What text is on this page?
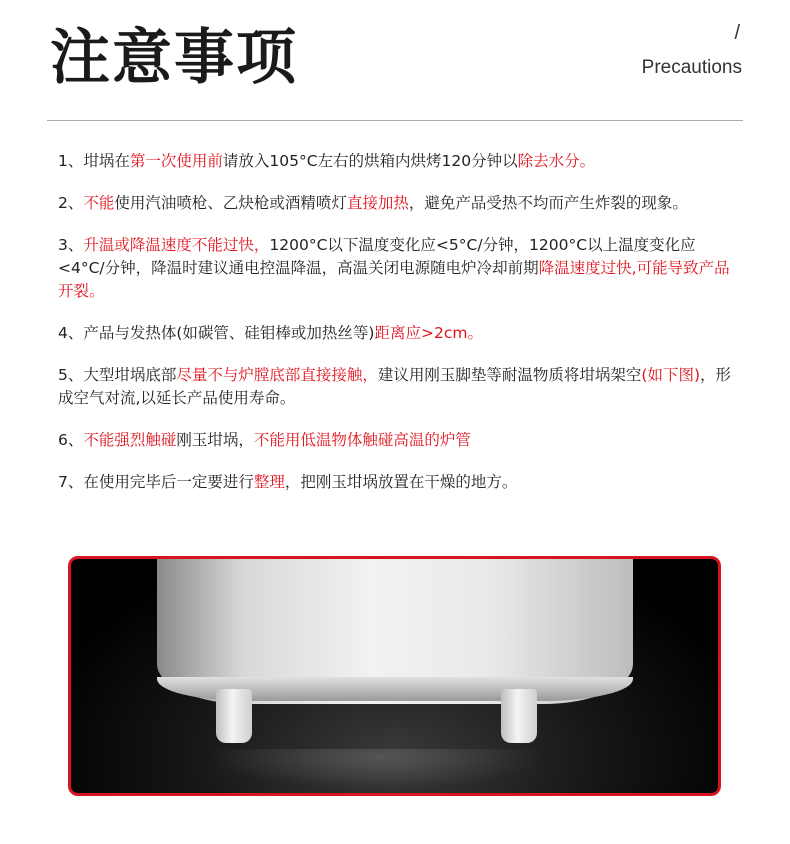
注意事项	/
Precautions

1、坩埚在第一次使用前请放入105°C左右的烘箱内烘烤120分钟以除去水分。

2、不能使用汽油喷枪、乙炔枪或酒精喷灯直接加热，避免产品受热不均而产生炸裂的现象。

3、升温或降温速度不能过快，1200°C以下温度变化应<5°C/分钟，1200°C以上温度变化应<4°C/分钟，降温时建议通电控温降温，高温关闭电源随电炉冷却前期降温速度过快,可能导致产品开裂。

4、产品与发热体(如碳管、硅钼棒或加热丝等)距离应>2cm。

5、大型坩埚底部尽量不与炉膛底部直接接触，建议用刚玉脚垫等耐温物质将坩埚架空(如下图)，形成空气对流,以延长产品使用寿命。

6、不能强烈触碰刚玉坩埚，不能用低温物体触碰高温的炉管

7、在使用完毕后一定要进行整理，把刚玉坩埚放置在干燥的地方。
